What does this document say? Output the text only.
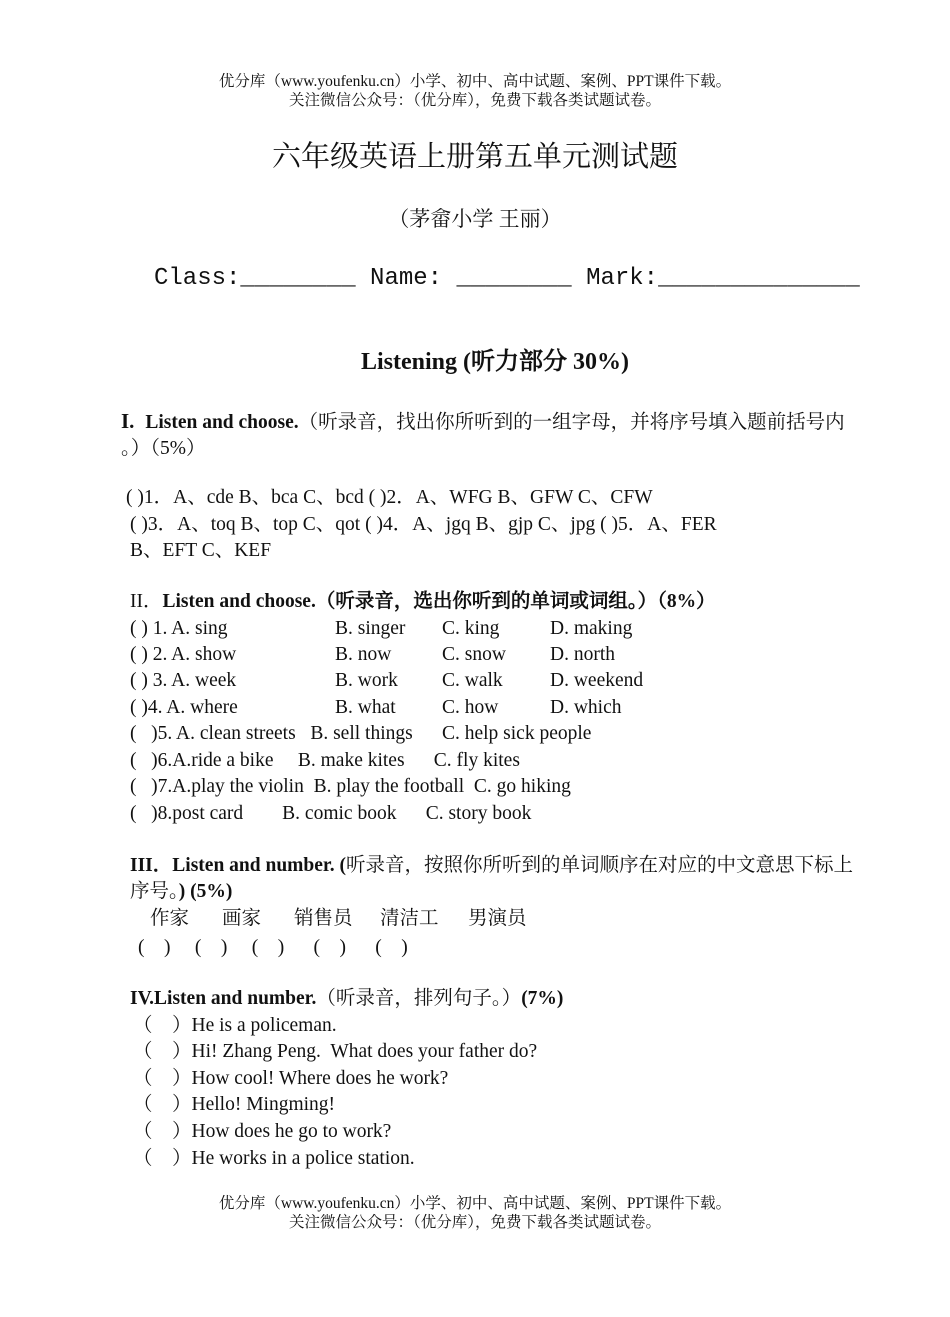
优分库（www.youfenku.cn）小学、初中、高中试题、案例、PPT课件下载。
关注微信公众号：（优分库），免费下载各类试题试卷。
六年级英语上册第五单元测试题
（茅畲小学 王丽）
Class:________ Name: ________ Mark:______________
Listening (听力部分 30%)
I. Listen and choose.（听录音，找出你所听到的一组字母，并将序号填入题前括号内 。）（5%）
( )1．A、cde B、bca C、bcd ( )2．A、WFG B、GFW C、CFW
( )3．A、toq B、top C、qot ( )4．A、jgq B、gjp C、jpg ( )5．A、FER
B、EFT C、KEF
II．Listen and choose.（听录音，选出你听到的单词或词组。）（8%）
( ) 1. A. sing	B. singer C. king	D. making
( ) 2. A. show	B. now	C. snow D. north
( ) 3. A. week	B. work C. walk D. weekend
( )4. A. where	B. what C. how	D. which
(   )5. A. clean streets   B. sell things      C. help sick people
(   )6.A.ride a bike     B. make kites      C. fly kites
(   )7.A.play the violin  B. play the football  C. go hiking
(   )8.post card        B. comic book      C. story book
III．Listen and number. (听录音，按照你所听到的单词顺序在对应的中文意思下标上序号。) (5%)
作家 画家 销售员 清洁工 男演员
(    )     (    )     (    )      (    )      (    )
IV.Listen and number.（听录音，排列句子。）(7%)
（    ）He is a policeman.
（    ）Hi! Zhang Peng.  What does your father do?
（    ）How cool! Where does he work?
（    ）Hello! Mingming!
（    ）How does he go to work?
（    ）He works in a police station.
优分库（www.youfenku.cn）小学、初中、高中试题、案例、PPT课件下载。
关注微信公众号：（优分库），免费下载各类试题试卷。
